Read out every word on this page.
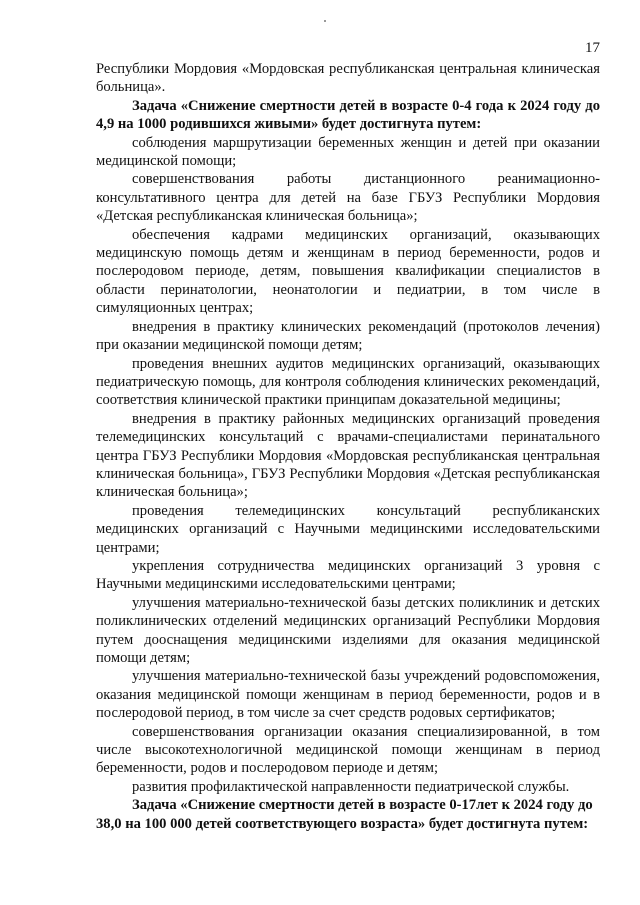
17

Республики Мордовия «Мордовская республиканская центральная клиническая больница».

Задача «Снижение смертности детей в возрасте 0-4 года к 2024 году до 4,9 на 1000 родившихся живыми» будет достигнута путем:

соблюдения маршрутизации беременных женщин и детей при оказании медицинской помощи;

совершенствования работы дистанционного реанимационно-консультативного центра для детей на базе ГБУЗ Республики Мордовия «Детская республиканская клиническая больница»;

обеспечения кадрами медицинских организаций, оказывающих медицинскую помощь детям и женщинам в период беременности, родов и послеродовом периоде, детям, повышения квалификации специалистов в области перинатологии, неонатологии и педиатрии, в том числе в симуляционных центрах;

внедрения в практику клинических рекомендаций (протоколов лечения) при оказании медицинской помощи детям;

проведения внешних аудитов медицинских организаций, оказывающих педиатрическую помощь, для контроля соблюдения клинических рекомендаций, соответствия клинической практики принципам доказательной медицины;

внедрения в практику районных медицинских организаций проведения телемедицинских консультаций с врачами-специалистами перинатального центра ГБУЗ Республики Мордовия «Мордовская республиканская центральная клиническая больница», ГБУЗ Республики Мордовия «Детская республиканская клиническая больница»;

проведения телемедицинских консультаций республиканских медицинских организаций с Научными медицинскими исследовательскими центрами;

укрепления сотрудничества медицинских организаций 3 уровня с Научными медицинскими исследовательскими центрами;

улучшения материально-технической базы детских поликлиник и детских поликлинических отделений медицинских организаций Республики Мордовия путем дооснащения медицинскими изделиями для оказания медицинской помощи детям;

улучшения материально-технической базы учреждений родовспоможения, оказания медицинской помощи женщинам в период беременности, родов и в послеродовой период, в том числе за счет средств родовых сертификатов;

совершенствования организации оказания специализированной, в том числе высокотехнологичной медицинской помощи женщинам в период беременности, родов и послеродовом периоде и детям;

развития профилактической направленности педиатрической службы.

Задача «Снижение смертности детей в возрасте 0-17лет к 2024 году до 38,0 на 100 000 детей соответствующего возраста» будет достигнута путем:
